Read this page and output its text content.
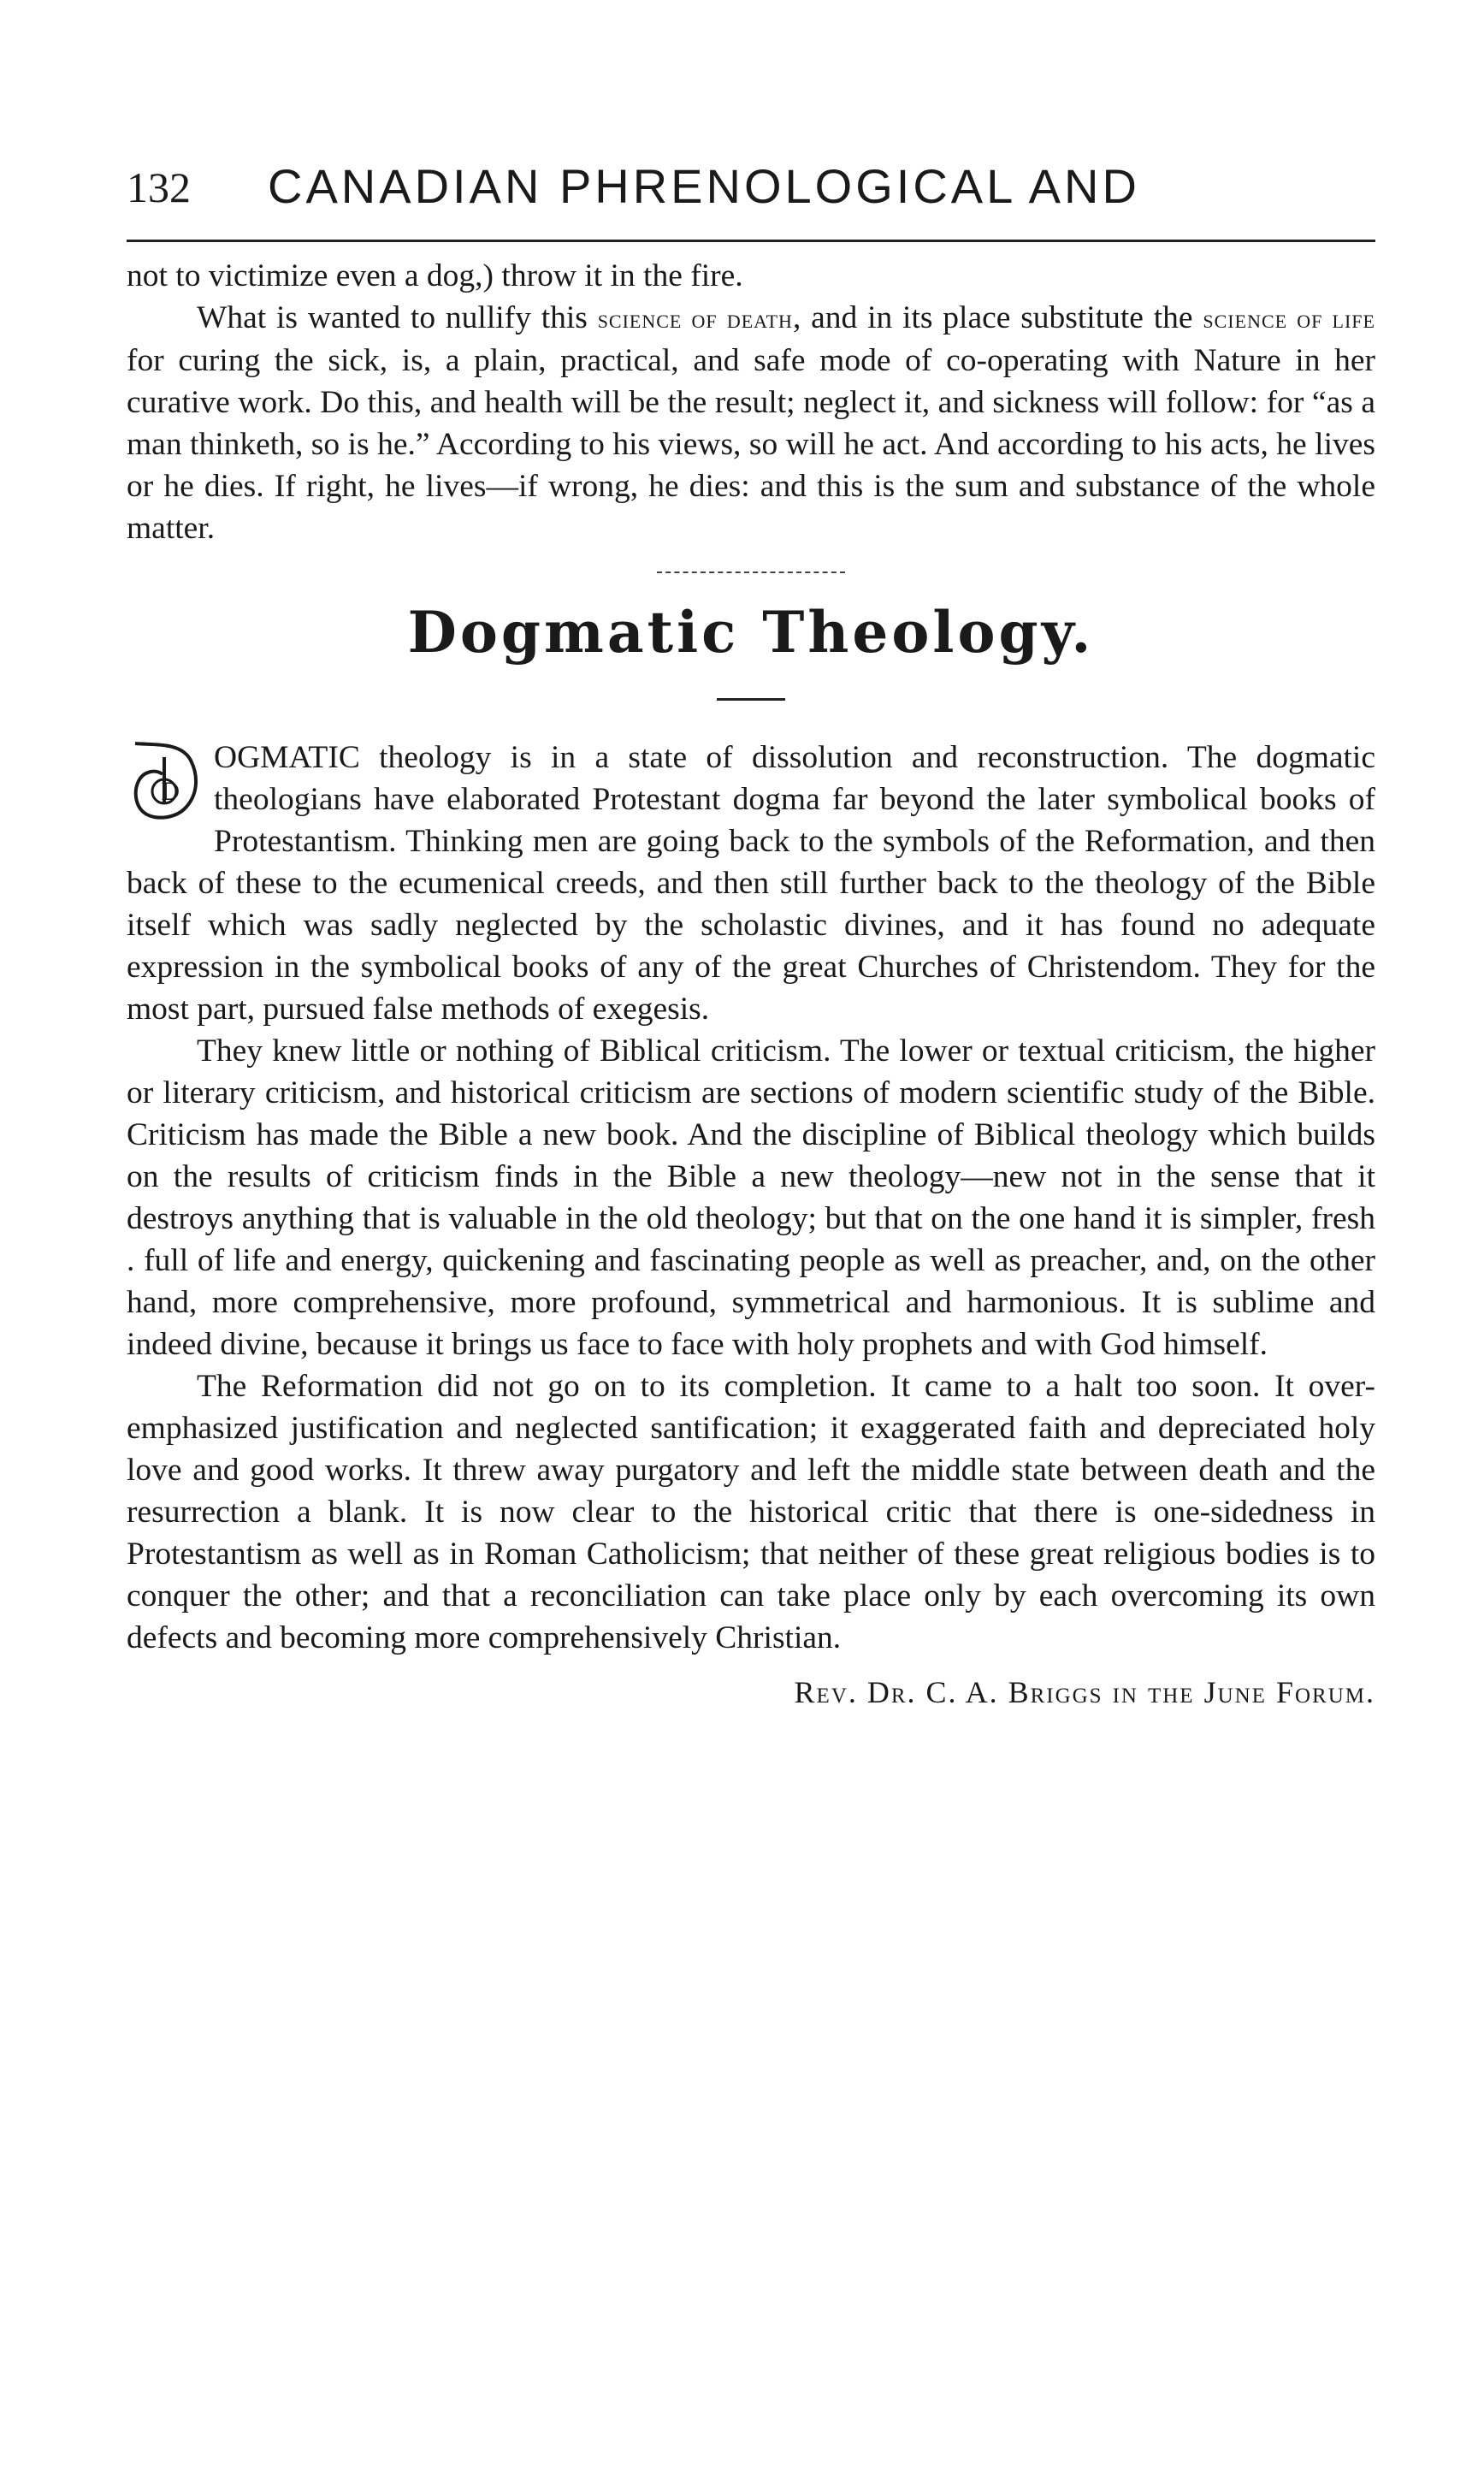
132 CANADIAN PHRENOLOGICAL AND

not to victimize even a dog,) throw it in the fire.

What is wanted to nullify this science of death, and in its place substitute the science of life for curing the sick, is, a plain, practical, and safe mode of co-operating with Nature in her curative work. Do this, and health will be the result; neglect it, and sickness will follow: for “as a man thinketh, so is he.” According to his views, so will he act. And according to his acts, he lives or he dies. If right, he lives—if wrong, he dies: and this is the sum and substance of the whole matter.

Dogmatic Theology.

D
OGMATIC theology is in a state of dissolution and reconstruction. The dogmatic theologians have elaborated Protestant dogma far beyond the later symbolical books of Protestantism. Thinking men are going back to the symbols of the Reformation, and then back of these to the ecumenical creeds, and then still further back to the theology of the Bible itself which was sadly neglected by the scholastic divines, and it has found no adequate expression in the symbolical books of any of the great Churches of Christendom. They for the most part, pursued false methods of exegesis.

They knew little or nothing of Biblical criticism. The lower or textual criticism, the higher or literary criticism, and historical criticism are sections of modern scientific study of the Bible. Criticism has made the Bible a new book. And the discipline of Biblical theology which builds on the results of criticism finds in the Bible a new theology—new not in the sense that it destroys anything that is valuable in the old theology; but that on the one hand it is simpler, fresh . full of life and energy, quickening and fascinating people as well as preacher, and, on the other hand, more comprehensive, more profound, symmetrical and harmonious. It is sublime and indeed divine, because it brings us face to face with holy prophets and with God himself.

The Reformation did not go on to its completion. It came to a halt too soon. It over-emphasized justification and neglected santification; it exaggerated faith and depreciated holy love and good works. It threw away purgatory and left the middle state between death and the resurrection a blank. It is now clear to the historical critic that there is one-sidedness in Protestantism as well as in Roman Catholicism; that neither of these great religious bodies is to conquer the other; and that a reconciliation can take place only by each overcoming its own defects and becoming more comprehensively Christian.

Rev. Dr. C. A. Briggs in the June Forum.
